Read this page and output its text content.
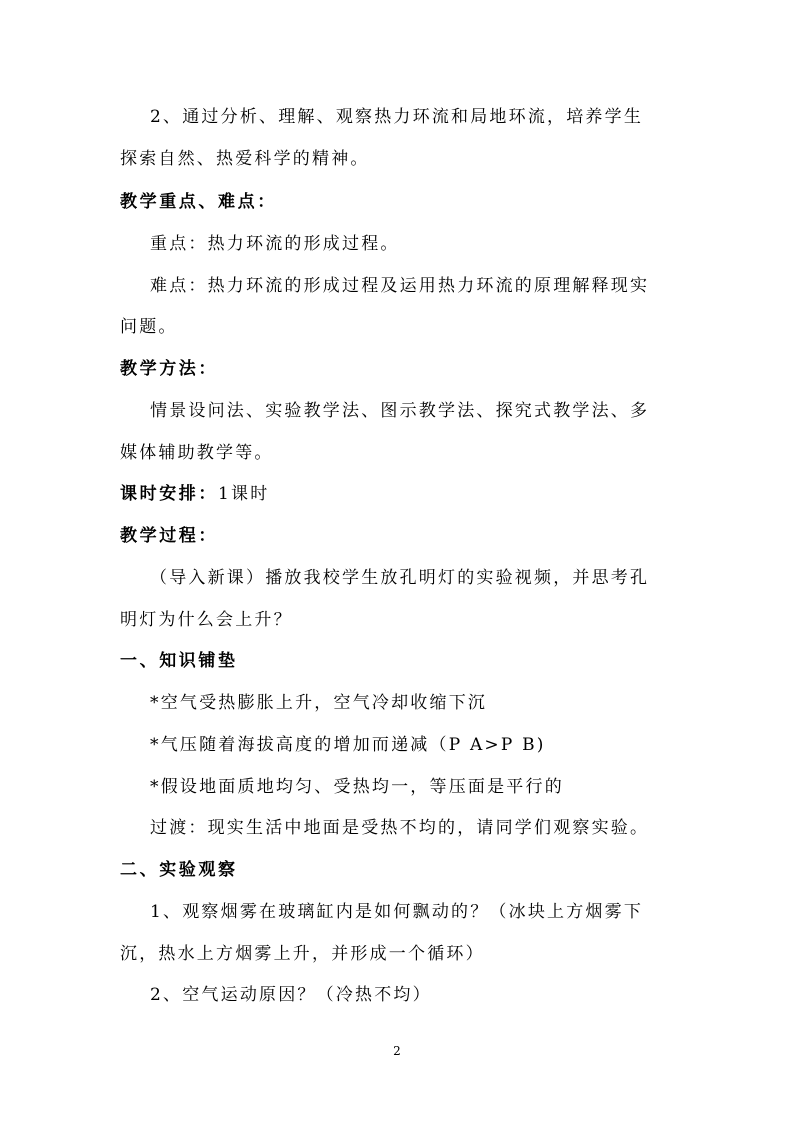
2、通过分析、理解、观察热力环流和局地环流，培养学生
探索自然、热爱科学的精神。
教学重点、难点：
重点：热力环流的形成过程。
难点：热力环流的形成过程及运用热力环流的原理解释现实
问题。
教学方法：
情景设问法、实验教学法、图示教学法、探究式教学法、多
媒体辅助教学等。
课时安排：1课时
教学过程：
（导入新课）播放我校学生放孔明灯的实验视频，并思考孔
明灯为什么会上升？
一、知识铺垫
*空气受热膨胀上升，空气冷却收缩下沉
*气压随着海拔高度的增加而递减（P A>P B)
*假设地面质地均匀、受热均一，等压面是平行的
过渡：现实生活中地面是受热不均的，请同学们观察实验。
二、实验观察
1、观察烟雾在玻璃缸内是如何飘动的？（冰块上方烟雾下
沉，热水上方烟雾上升，并形成一个循环）
2、空气运动原因？（冷热不均）
2
